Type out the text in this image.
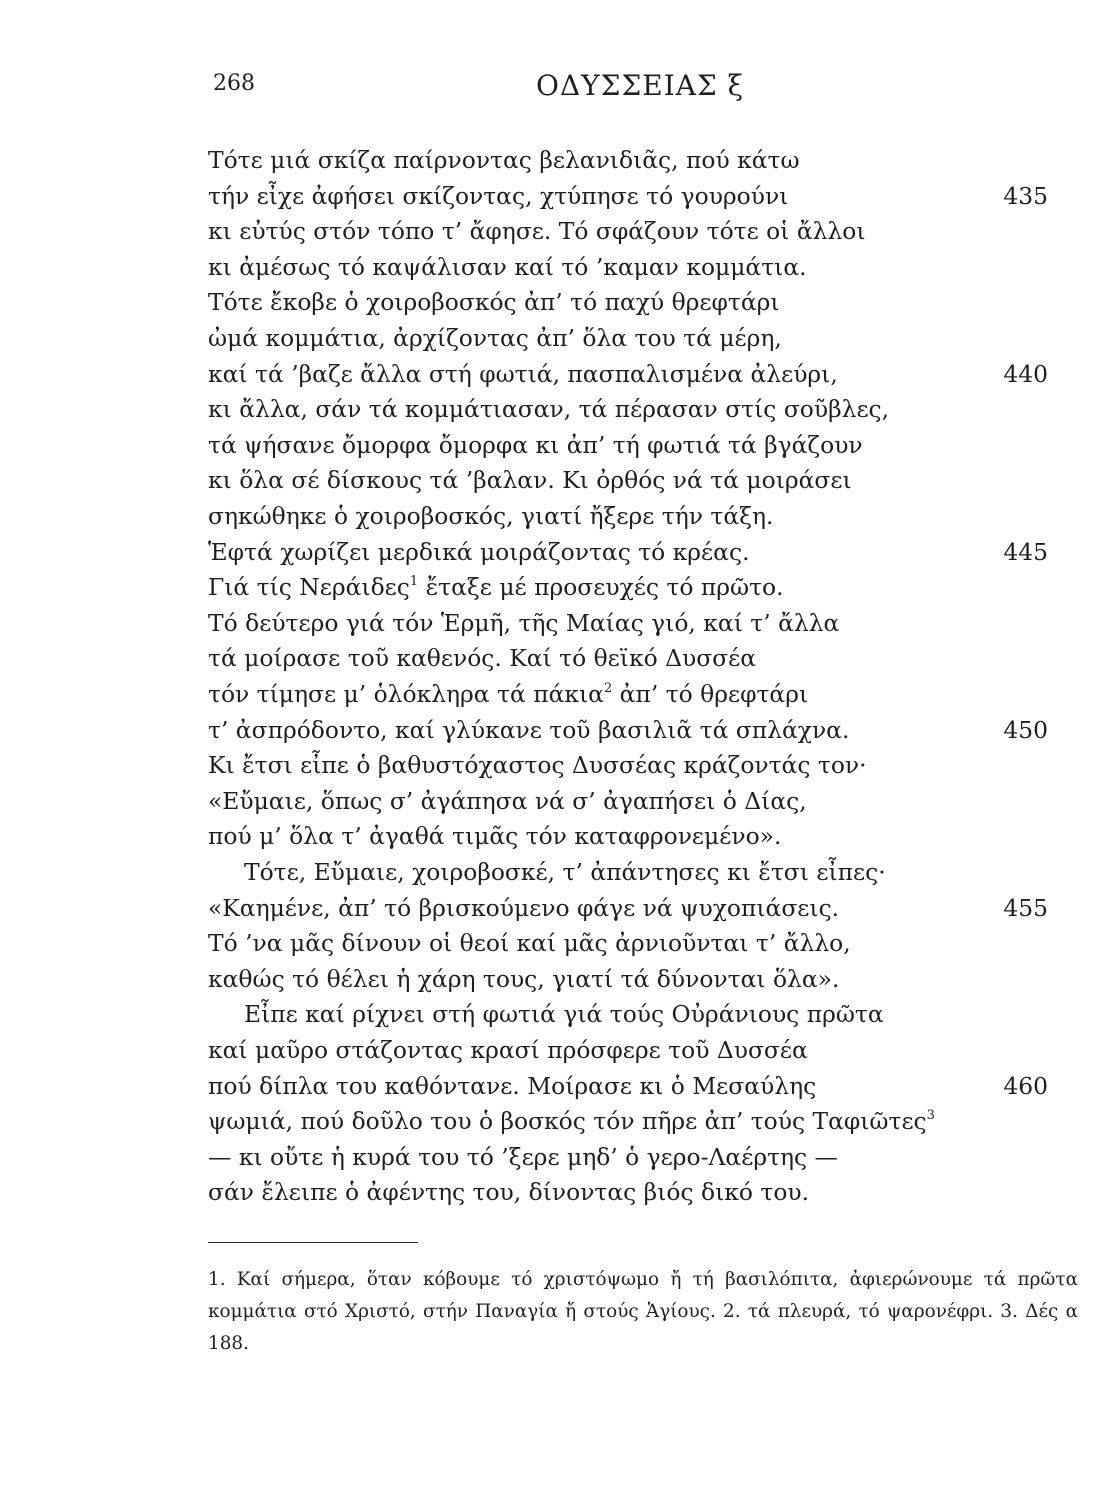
268	ΟΔΥΣΣΕΙΑΣ ξ
Τότε μιά σκίζα παίρνοντας βελανιδιᾶς, πού κάτω
τήν εἶχε ἀφήσει σκίζοντας, χτύπησε τό γουρούνι	435
κι εὐτύς στόν τόπο τ’ ἄφησε. Τό σφάζουν τότε οἱ ἄλλοι
κι ἀμέσως τό καψάλισαν καί τό ’καμαν κομμάτια.
Τότε ἔκοβε ὁ χοιροβοσκός ἀπ’ τό παχύ θρεφτάρι
ὠμά κομμάτια, ἀρχίζοντας ἀπ’ ὅλα του τά μέρη,
καί τά ’βαζε ἄλλα στή φωτιά, πασπαλισμένα ἀλεύρι,	440
κι ἄλλα, σάν τά κομμάτιασαν, τά πέρασαν στίς σοῦβλες,
τά ψήσανε ὄμορφα ὄμορφα κι ἀπ’ τή φωτιά τά βγάζουν
κι ὅλα σέ δίσκους τά ’βαλαν. Κι ὀρθός νά τά μοιράσει
σηκώθηκε ὁ χοιροβοσκός, γιατί ἤξερε τήν τάξη.
Ἑφτά χωρίζει μερδικά μοιράζοντας τό κρέας.	445
Γιά τίς Νεράιδες$^1$ ἔταξε μέ προσευχές τό πρῶτο.
Τό δεύτερο γιά τόν Ἑρμῆ, τῆς Μαίας γιό, καί τ’ ἄλλα
τά μοίρασε τοῦ καθενός. Καί τό θεϊκό Δυσσέα
τόν τίμησε μ’ ὁλόκληρα τά πάκια$^2$ ἀπ’ τό θρεφτάρι
τ’ ἀσπρόδοντο, καί γλύκανε τοῦ βασιλιᾶ τά σπλάχνα.	450
Κι ἔτσι εἶπε ὁ βαθυστόχαστος Δυσσέας κράζοντάς τον·
«Εὔμαιε, ὅπως σ’ ἀγάπησα νά σ’ ἀγαπήσει ὁ Δίας,
πού μ’ ὅλα τ’ ἀγαθά τιμᾶς τόν καταφρονεμένο».
Τότε, Εὔμαιε, χοιροβοσκέ, τ’ ἀπάντησες κι ἔτσι εἶπες·
«Καημένε, ἀπ’ τό βρισκούμενο φάγε νά ψυχοπιάσεις.	455
Τό ’να μᾶς δίνουν οἱ θεοί καί μᾶς ἀρνιοῦνται τ’ ἄλλο,
καθώς τό θέλει ἡ χάρη τους, γιατί τά δύνονται ὅλα».
Εἶπε καί ρίχνει στή φωτιά γιά τούς Οὐράνιους πρῶτα
καί μαῦρο στάζοντας κρασί πρόσφερε τοῦ Δυσσέα
πού δίπλα του καθόντανε. Μοίρασε κι ὁ Μεσαύλης	460
ψωμιά, πού δοῦλο του ὁ βοσκός τόν πῆρε ἀπ’ τούς Ταφιῶτες$^3$
— κι οὔτε ἡ κυρά του τό ’ξερε μηδ’ ὁ γερο-Λαέρτης —
σάν ἔλειπε ὁ ἀφέντης του, δίνοντας βιός δικό του.
1. Καί σήμερα, ὅταν κόβουμε τό χριστόψωμο ἤ τή βασιλόπιτα, ἀφιερώνουμε τά πρῶτα κομμάτια στό Χριστό, στήν Παναγία ἤ στούς Ἁγίους. 2. τά πλευρά, τό ψαρονέφρι. 3. Δές α 188.
